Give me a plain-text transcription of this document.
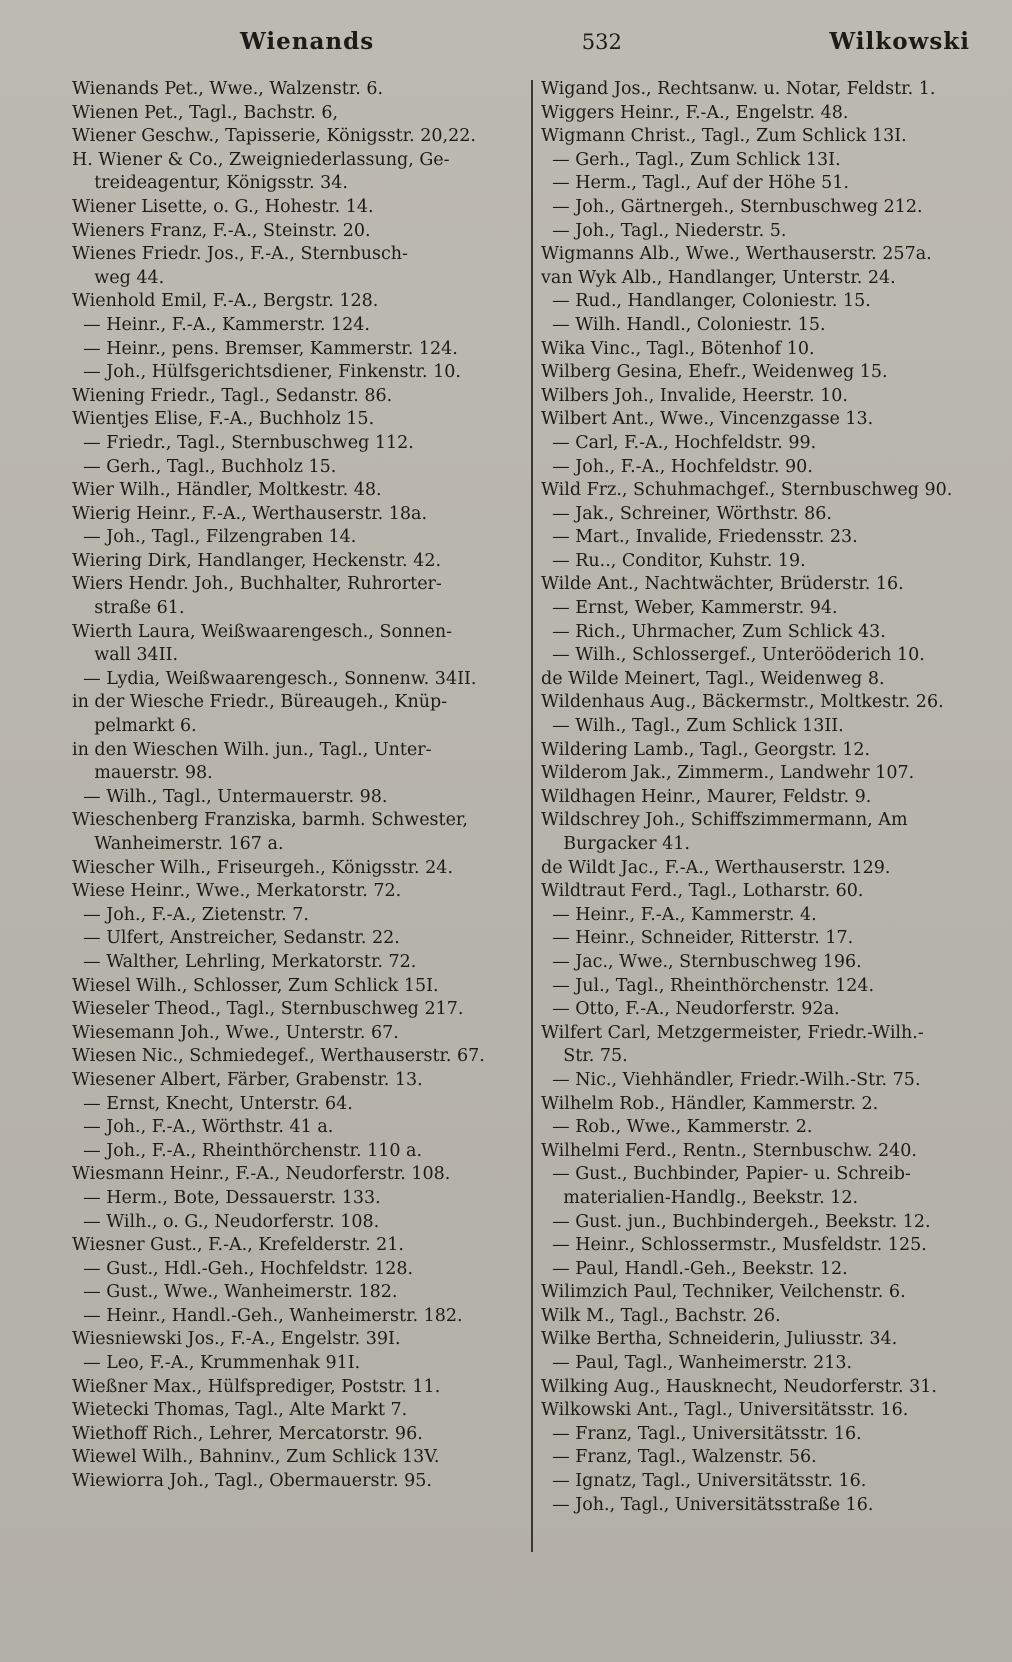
Wienands	532	Wilkowski
Wienands Pet., Wwe., Walzenstr. 6.
Wienen Pet., Tagl., Bachstr. 6,
Wiener Geschw., Tapisserie, Königsstr. 20,22.
H. Wiener & Co., Zweigniederlassung, Ge-
treideagentur, Königsstr. 34.
Wiener Lisette, o. G., Hohestr. 14.
Wieners Franz, F.-A., Steinstr. 20.
Wienes Friedr. Jos., F.-A., Sternbusch-
weg 44.
Wienhold Emil, F.-A., Bergstr. 128.
— Heinr., F.-A., Kammerstr. 124.
— Heinr., pens. Bremser, Kammerstr. 124.
— Joh., Hülfsgerichtsdiener, Finkenstr. 10.
Wiening Friedr., Tagl., Sedanstr. 86.
Wientjes Elise, F.-A., Buchholz 15.
— Friedr., Tagl., Sternbuschweg 112.
— Gerh., Tagl., Buchholz 15.
Wier Wilh., Händler, Moltkestr. 48.
Wierig Heinr., F.-A., Werthauserstr. 18a.
— Joh., Tagl., Filzengraben 14.
Wiering Dirk, Handlanger, Heckenstr. 42.
Wiers Hendr. Joh., Buchhalter, Ruhrorter-
straße 61.
Wierth Laura, Weißwaarengesch., Sonnen-
wall 34II.
— Lydia, Weißwaarengesch., Sonnenw. 34II.
in der Wiesche Friedr., Büreaugeh., Knüp-
pelmarkt 6.
in den Wieschen Wilh. jun., Tagl., Unter-
mauerstr. 98.
— Wilh., Tagl., Untermauerstr. 98.
Wieschenberg Franziska, barmh. Schwester,
Wanheimerstr. 167 a.
Wiescher Wilh., Friseurgeh., Königsstr. 24.
Wiese Heinr., Wwe., Merkatorstr. 72.
— Joh., F.-A., Zietenstr. 7.
— Ulfert, Anstreicher, Sedanstr. 22.
— Walther, Lehrling, Merkatorstr. 72.
Wiesel Wilh., Schlosser, Zum Schlick 15I.
Wieseler Theod., Tagl., Sternbuschweg 217.
Wiesemann Joh., Wwe., Unterstr. 67.
Wiesen Nic., Schmiedegef., Werthauserstr. 67.
Wiesener Albert, Färber, Grabenstr. 13.
— Ernst, Knecht, Unterstr. 64.
— Joh., F.-A., Wörthstr. 41 a.
— Joh., F.-A., Rheinthörchenstr. 110 a.
Wiesmann Heinr., F.-A., Neudorferstr. 108.
— Herm., Bote, Dessauerstr. 133.
— Wilh., o. G., Neudorferstr. 108.
Wiesner Gust., F.-A., Krefelderstr. 21.
— Gust., Hdl.-Geh., Hochfeldstr. 128.
— Gust., Wwe., Wanheimerstr. 182.
— Heinr., Handl.-Geh., Wanheimerstr. 182.
Wiesniewski Jos., F.-A., Engelstr. 39I.
— Leo, F.-A., Krummenhak 91I.
Wießner Max., Hülfsprediger, Poststr. 11.
Wietecki Thomas, Tagl., Alte Markt 7.
Wiethoff Rich., Lehrer, Mercatorstr. 96.
Wiewel Wilh., Bahninv., Zum Schlick 13V.
Wiewiorra Joh., Tagl., Obermauerstr. 95.
Wigand Jos., Rechtsanw. u. Notar, Feldstr. 1.
Wiggers Heinr., F.-A., Engelstr. 48.
Wigmann Christ., Tagl., Zum Schlick 13I.
— Gerh., Tagl., Zum Schlick 13I.
— Herm., Tagl., Auf der Höhe 51.
— Joh., Gärtnergeh., Sternbuschweg 212.
— Joh., Tagl., Niederstr. 5.
Wigmanns Alb., Wwe., Werthauserstr. 257a.
van Wyk Alb., Handlanger, Unterstr. 24.
— Rud., Handlanger, Coloniestr. 15.
— Wilh. Handl., Coloniestr. 15.
Wika Vinc., Tagl., Bötenhof 10.
Wilberg Gesina, Ehefr., Weidenweg 15.
Wilbers Joh., Invalide, Heerstr. 10.
Wilbert Ant., Wwe., Vincenzgasse 13.
— Carl, F.-A., Hochfeldstr. 99.
— Joh., F.-A., Hochfeldstr. 90.
Wild Frz., Schuhmachgef., Sternbuschweg 90.
— Jak., Schreiner, Wörthstr. 86.
— Mart., Invalide, Friedensstr. 23.
— Ru.., Conditor, Kuhstr. 19.
Wilde Ant., Nachtwächter, Brüderstr. 16.
— Ernst, Weber, Kammerstr. 94.
— Rich., Uhrmacher, Zum Schlick 43.
— Wilh., Schlossergef., Unterööderich 10.
de Wilde Meinert, Tagl., Weidenweg 8.
Wildenhaus Aug., Bäckermstr., Moltkestr. 26.
— Wilh., Tagl., Zum Schlick 13II.
Wildering Lamb., Tagl., Georgstr. 12.
Wilderom Jak., Zimmerm., Landwehr 107.
Wildhagen Heinr., Maurer, Feldstr. 9.
Wildschrey Joh., Schiffszimmermann, Am
Burgacker 41.
de Wildt Jac., F.-A., Werthauserstr. 129.
Wildtraut Ferd., Tagl., Lotharstr. 60.
— Heinr., F.-A., Kammerstr. 4.
— Heinr., Schneider, Ritterstr. 17.
— Jac., Wwe., Sternbuschweg 196.
— Jul., Tagl., Rheinthörchenstr. 124.
— Otto, F.-A., Neudorferstr. 92a.
Wilfert Carl, Metzgermeister, Friedr.-Wilh.-
Str. 75.
— Nic., Viehhändler, Friedr.-Wilh.-Str. 75.
Wilhelm Rob., Händler, Kammerstr. 2.
— Rob., Wwe., Kammerstr. 2.
Wilhelmi Ferd., Rentn., Sternbuschw. 240.
— Gust., Buchbinder, Papier- u. Schreib-
materialien-Handlg., Beekstr. 12.
— Gust. jun., Buchbindergeh., Beekstr. 12.
— Heinr., Schlossermstr., Musfeldstr. 125.
— Paul, Handl.-Geh., Beekstr. 12.
Wilimzich Paul, Techniker, Veilchenstr. 6.
Wilk M., Tagl., Bachstr. 26.
Wilke Bertha, Schneiderin, Juliusstr. 34.
— Paul, Tagl., Wanheimerstr. 213.
Wilking Aug., Hausknecht, Neudorferstr. 31.
Wilkowski Ant., Tagl., Universitätsstr. 16.
— Franz, Tagl., Universitätsstr. 16.
— Franz, Tagl., Walzenstr. 56.
— Ignatz, Tagl., Universitätsstr. 16.
— Joh., Tagl., Universitätsstraße 16.
